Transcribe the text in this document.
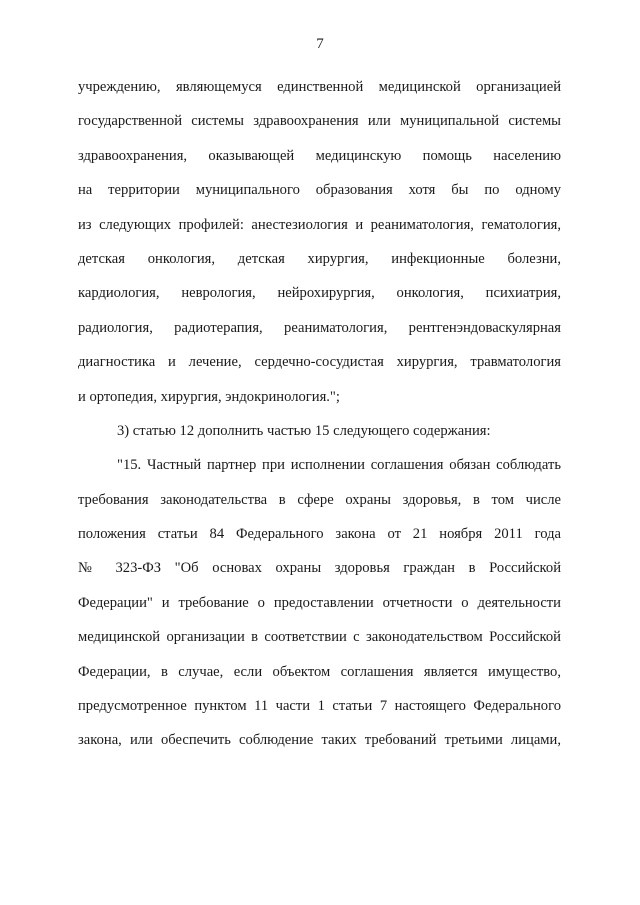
7
учреждению, являющемуся единственной медицинской организацией
государственной системы здравоохранения или муниципальной системы
здравоохранения, оказывающей медицинскую помощь населению
на территории муниципального образования хотя бы по одному
из следующих профилей: анестезиология и реаниматология, гематология,
детская онкология, детская хирургия, инфекционные болезни,
кардиология, неврология, нейрохирургия, онкология, психиатрия,
радиология, радиотерапия, реаниматология, рентгенэндоваскулярная
диагностика и лечение, сердечно-сосудистая хирургия, травматология
и ортопедия, хирургия, эндокринология.";
3) статью 12 дополнить частью 15 следующего содержания:
"15. Частный партнер при исполнении соглашения обязан соблюдать
требования законодательства в сфере охраны здоровья, в том числе
положения статьи 84 Федерального закона от 21 ноября 2011 года
№ 323-ФЗ "Об основах охраны здоровья граждан в Российской
Федерации" и требование о предоставлении отчетности о деятельности
медицинской организации в соответствии с законодательством Российской
Федерации, в случае, если объектом соглашения является имущество,
предусмотренное пунктом 11 части 1 статьи 7 настоящего Федерального
закона, или обеспечить соблюдение таких требований третьими лицами,
